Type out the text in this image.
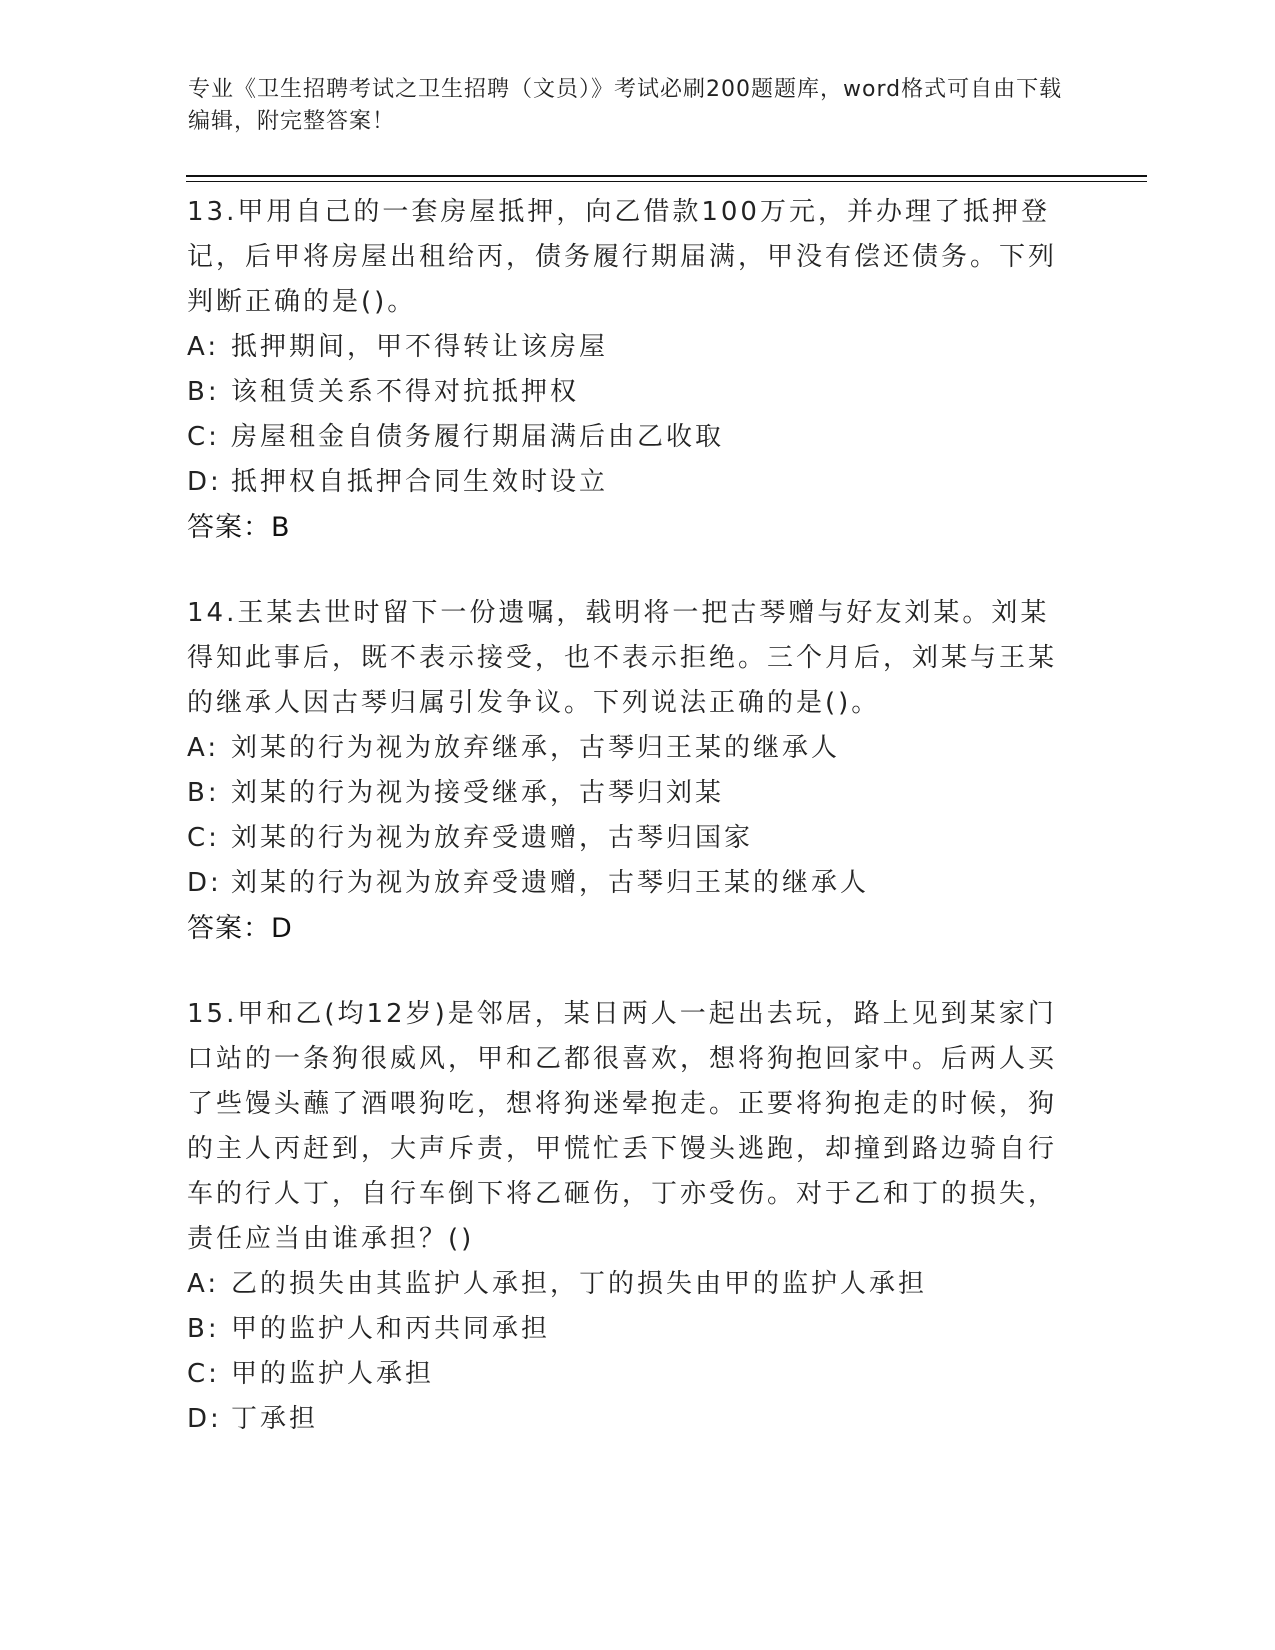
专业《卫生招聘考试之卫生招聘（文员）》考试必刷200题题库，word格式可自由下载编辑，附完整答案！

13.甲用自己的一套房屋抵押，向乙借款100万元，并办理了抵押登记，后甲将房屋出租给丙，债务履行期届满，甲没有偿还债务。下列判断正确的是()。

A: 抵押期间，甲不得转让该房屋

B: 该租赁关系不得对抗抵押权

C: 房屋租金自债务履行期届满后由乙收取

D: 抵押权自抵押合同生效时设立

答案：B

14.王某去世时留下一份遗嘱，载明将一把古琴赠与好友刘某。刘某得知此事后，既不表示接受，也不表示拒绝。三个月后，刘某与王某的继承人因古琴归属引发争议。下列说法正确的是()。

A: 刘某的行为视为放弃继承，古琴归王某的继承人

B: 刘某的行为视为接受继承，古琴归刘某

C: 刘某的行为视为放弃受遗赠，古琴归国家

D: 刘某的行为视为放弃受遗赠，古琴归王某的继承人

答案：D

15.甲和乙(均12岁)是邻居，某日两人一起出去玩，路上见到某家门口站的一条狗很威风，甲和乙都很喜欢，想将狗抱回家中。后两人买了些馒头蘸了酒喂狗吃，想将狗迷晕抱走。正要将狗抱走的时候，狗的主人丙赶到，大声斥责，甲慌忙丢下馒头逃跑，却撞到路边骑自行车的行人丁，自行车倒下将乙砸伤，丁亦受伤。对于乙和丁的损失，责任应当由谁承担？()

A: 乙的损失由其监护人承担，丁的损失由甲的监护人承担

B: 甲的监护人和丙共同承担

C: 甲的监护人承担

D: 丁承担
